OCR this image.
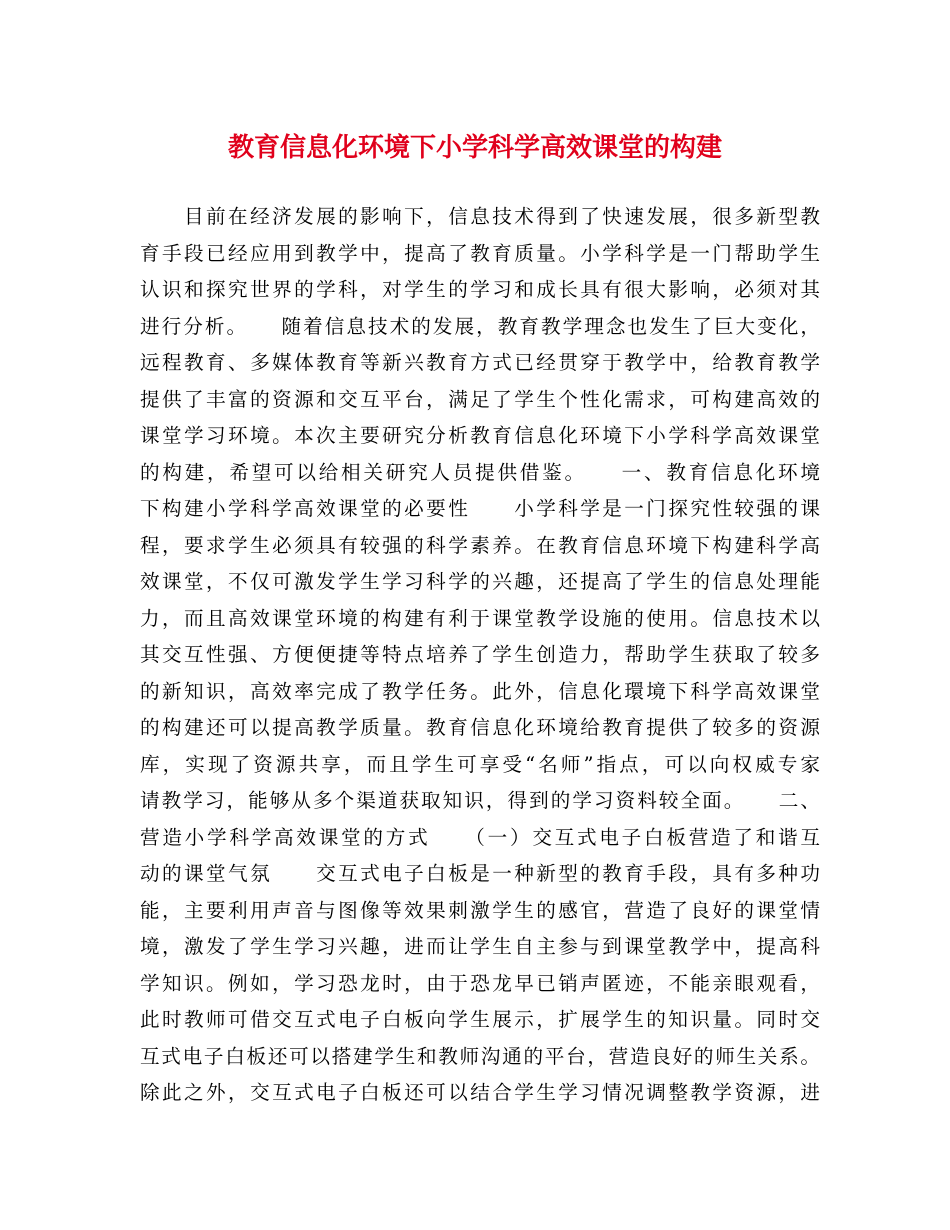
教育信息化环境下小学科学高效课堂的构建
　　目前在经济发展的影响下，信息技术得到了快速发展，很多新型教
育手段已经应用到教学中，提高了教育质量。小学科学是一门帮助学生
认识和探究世界的学科，对学生的学习和成长具有很大影响，必须对其
进行分析。　　随着信息技术的发展，教育教学理念也发生了巨大变化，
远程教育、多媒体教育等新兴教育方式已经贯穿于教学中，给教育教学
提供了丰富的资源和交互平台，满足了学生个性化需求，可构建高效的
课堂学习环境。本次主要研究分析教育信息化环境下小学科学高效课堂
的构建，希望可以给相关研究人员提供借鉴。　　一、教育信息化环境
下构建小学科学高效课堂的必要性　　小学科学是一门探究性较强的课
程，要求学生必须具有较强的科学素养。在教育信息环境下构建科学高
效课堂，不仅可激发学生学习科学的兴趣，还提高了学生的信息处理能
力，而且高效课堂环境的构建有利于课堂教学设施的使用。信息技术以
其交互性强、方便便捷等特点培养了学生创造力，帮助学生获取了较多
的新知识，高效率完成了教学任务。此外，信息化環境下科学高效课堂
的构建还可以提高教学质量。教育信息化环境给教育提供了较多的资源
库，实现了资源共享，而且学生可享受“名师”指点，可以向权威专家
请教学习，能够从多个渠道获取知识，得到的学习资料较全面。　　二、
营造小学科学高效课堂的方式　　（一）交互式电子白板营造了和谐互
动的课堂气氛　　交互式电子白板是一种新型的教育手段，具有多种功
能，主要利用声音与图像等效果刺激学生的感官，营造了良好的课堂情
境，激发了学生学习兴趣，进而让学生自主参与到课堂教学中，提高科
学知识。例如，学习恐龙时，由于恐龙早已销声匿迹，不能亲眼观看，
此时教师可借交互式电子白板向学生展示，扩展学生的知识量。同时交
互式电子白板还可以搭建学生和教师沟通的平台，营造良好的师生关系。
除此之外，交互式电子白板还可以结合学生学习情况调整教学资源，进
